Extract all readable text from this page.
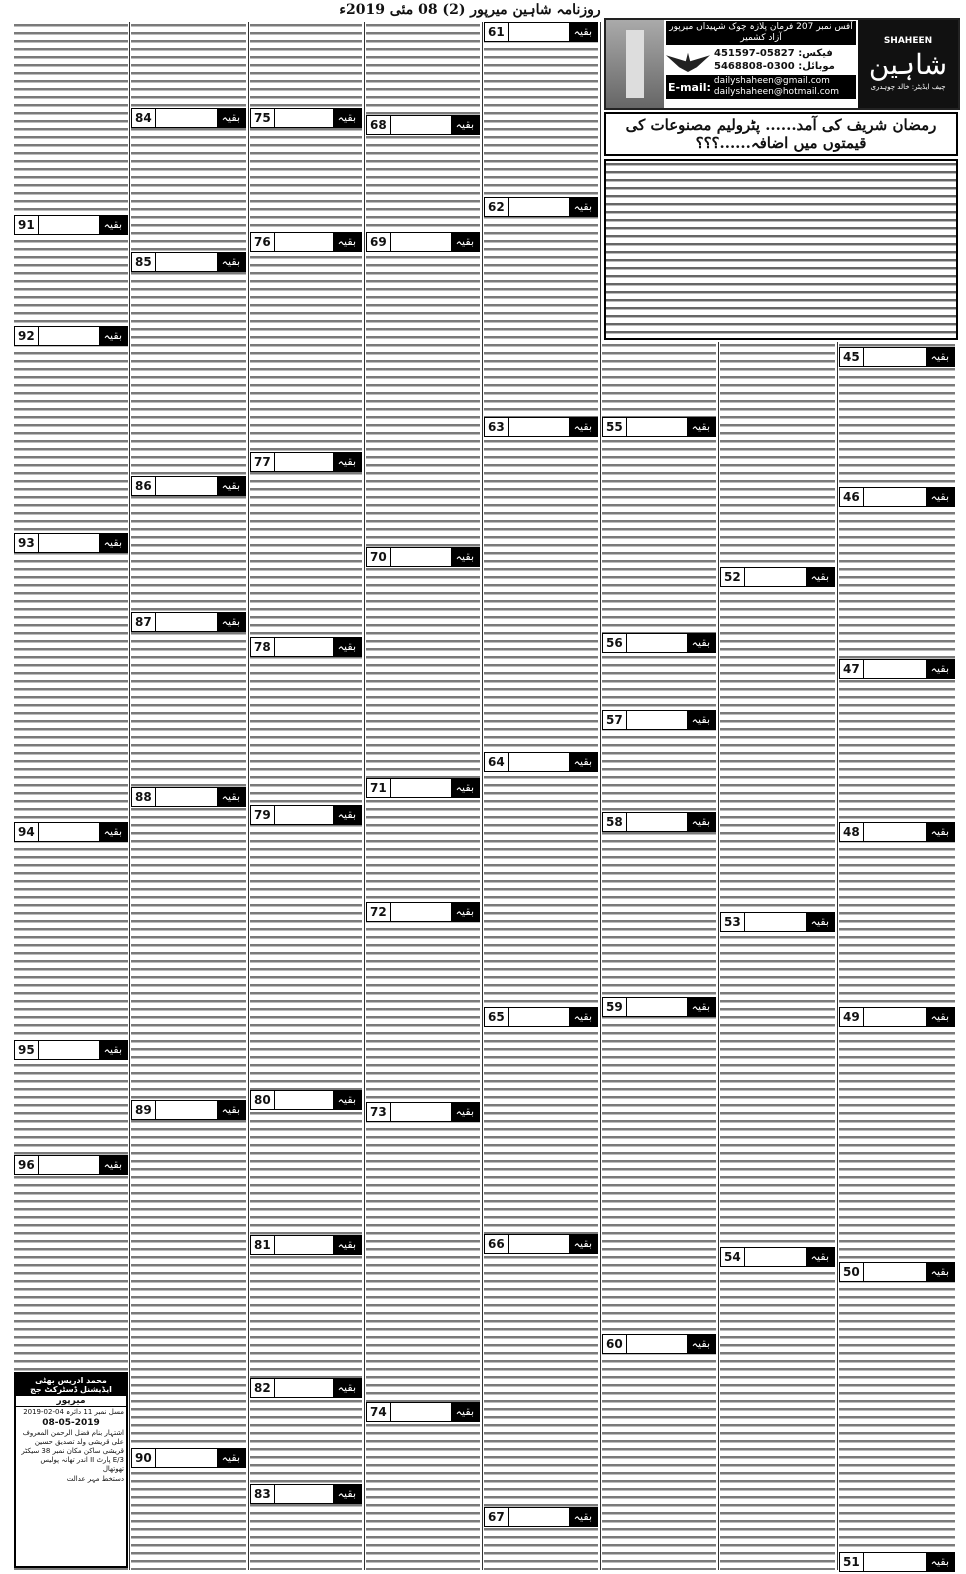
روزنامہ شاہین میرپور (2) 08 مئی 2019ء
91	بقیہ
92	بقیہ
93	بقیہ
94	بقیہ
95	بقیہ
96	بقیہ
84	بقیہ
85	بقیہ
86	بقیہ
87	بقیہ
88	بقیہ
89	بقیہ
90	بقیہ
75	بقیہ
76	بقیہ
77	بقیہ
78	بقیہ
79	بقیہ
80	بقیہ
81	بقیہ
82	بقیہ
83	بقیہ
68	بقیہ
69	بقیہ
70	بقیہ
71	بقیہ
72	بقیہ
73	بقیہ
74	بقیہ
61	بقیہ
62	بقیہ
63	بقیہ
64	بقیہ
65	بقیہ
66	بقیہ
67	بقیہ
55	بقیہ
56	بقیہ
57	بقیہ
58	بقیہ
59	بقیہ
60	بقیہ
52	بقیہ
53	بقیہ
54	بقیہ
45	بقیہ
46	بقیہ
47	بقیہ
48	بقیہ
49	بقیہ
50	بقیہ
51	بقیہ
آفس نمبر 207 فرمان پلازہ چوک شہیداں میرپور آزاد کشمیر
فیکس: 05827-451597
موبائل: 0300-5468808
E-mail: dailyshaheen@gmail.com
dailyshaheen@hotmail.com
SHAHEEN
شاہین
چیف ایڈیٹر: خالد چوہدری
رمضان شریف کی آمد...... پٹرولیم مصنوعات کی قیمتوں میں اضافہ......؟؟؟
محمد ادریس بھٹی ایڈیشنل ڈسٹرکٹ جج
میرپور

مسل نمبر 11 دائرہ 04-02-2019

08-05-2019

اشتہار بنام فضل الرحمن المعروف علی قریشی ولد تصدیق حسین قریشی ساکن مکان نمبر 38 سیکٹر E/3 پارٹ II اندر تھانہ پولیس تھوتھال

دستخط مہر عدالت
